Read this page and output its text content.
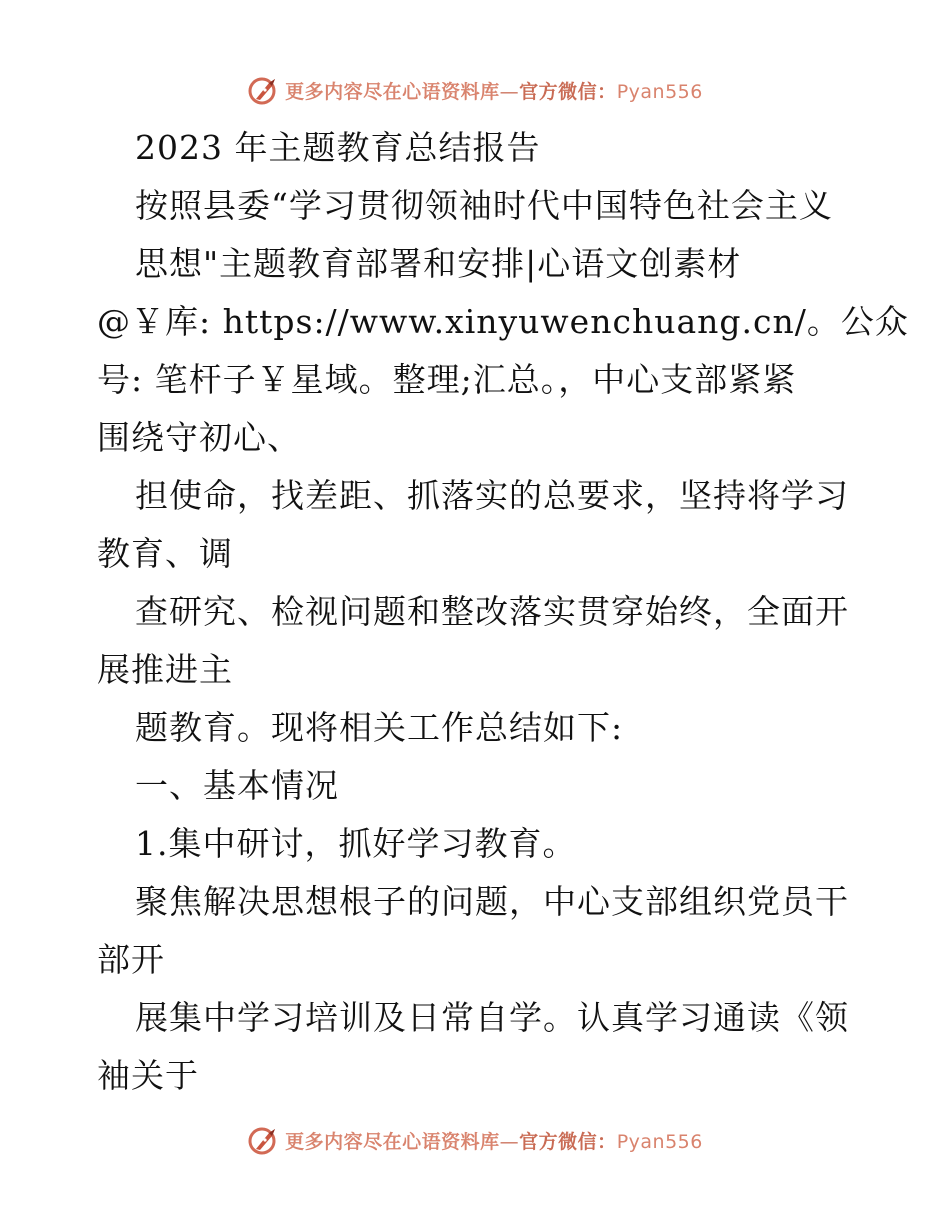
更多内容尽在心语资料库—官方微信：Pyan556
2023 年主题教育总结报告
按照县委“学习贯彻领袖时代中国特色社会主义
思想"主题教育部署和安排|心语文创素材
@￥库: https://www.xinyuwenchuang.cn/。公众
号: 笔杆子￥星域。整理;汇总。，中心支部紧紧
围绕守初心、
担使命，找差距、抓落实的总要求，坚持将学习
教育、调
查研究、检视问题和整改落实贯穿始终，全面开
展推进主
题教育。现将相关工作总结如下:
一、基本情况
1.集中研讨，抓好学习教育。
聚焦解决思想根子的问题，中心支部组织党员干
部开
展集中学习培训及日常自学。认真学习通读《领
袖关于
更多内容尽在心语资料库—官方微信：Pyan556
